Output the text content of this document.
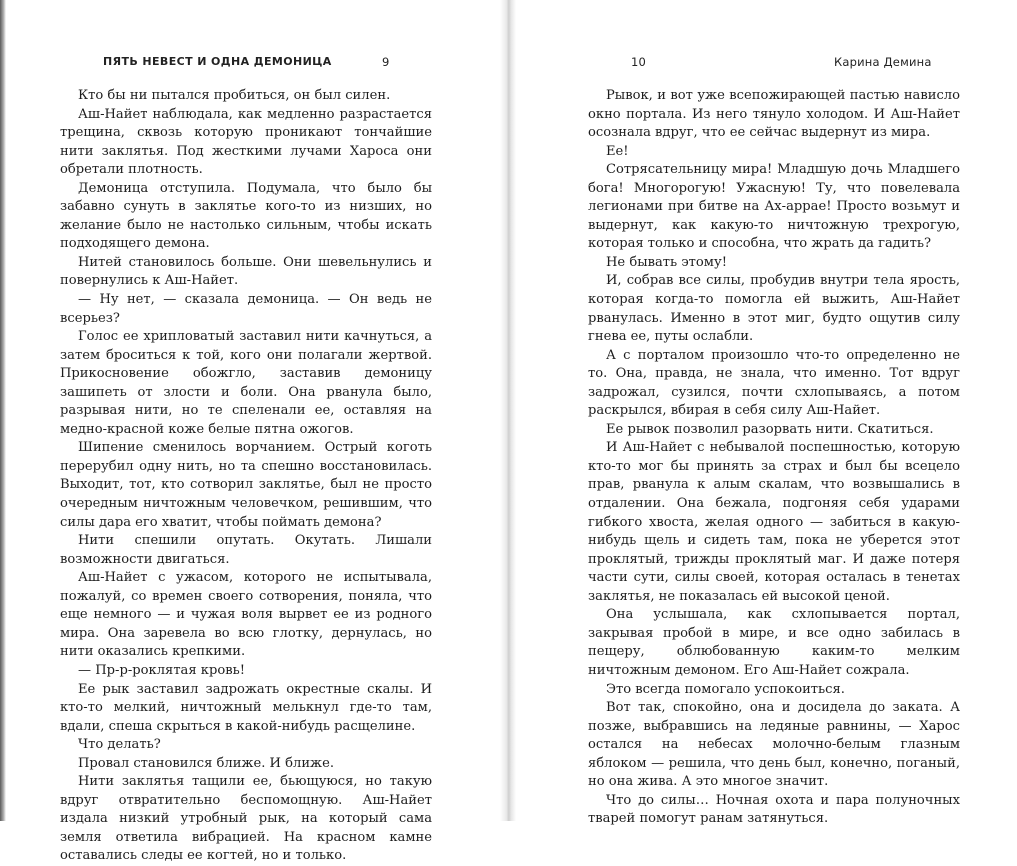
ПЯТЬ НЕВЕСТ И ОДНА ДЕМОНИЦА	9	10	Карина Демина

Кто бы ни пытался пробиться, он был силен.

Аш-Найет наблюдала, как медленно разрастается трещина, сквозь которую проникают тончайшие нити заклятья. Под жесткими лучами Хароса они обретали плотность.

Демоница отступила. Подумала, что было бы забавно сунуть в заклятье кого-то из низших, но желание было не настолько сильным, чтобы искать подходящего демона.

Нитей становилось больше. Они шевельнулись и повернулись к Аш-Найет.

— Ну нет, — сказала демоница. — Он ведь не всерьез?

Голос ее хрипловатый заставил нити качнуться, а затем броситься к той, кого они полагали жертвой. Прикосновение обожгло, заставив демоницу зашипеть от злости и боли. Она рванула было, разрывая нити, но те спеленали ее, оставляя на медно-красной коже белые пятна ожогов.

Шипение сменилось ворчанием. Острый коготь перерубил одну нить, но та спешно восстановилась. Выходит, тот, кто сотворил заклятье, был не просто очередным ничтожным человечком, решившим, что силы дара его хватит, чтобы поймать демона?

Нити спешили опутать. Окутать. Лишали возможности двигаться.

Аш-Найет с ужасом, которого не испытывала, пожалуй, со времен своего сотворения, поняла, что еще немного — и чужая воля вырвет ее из родного мира. Она заревела во всю глотку, дернулась, но нити оказались крепкими.

— Пр-р-роклятая кровь!

Ее рык заставил задрожать окрестные скалы. И кто-то мелкий, ничтожный мелькнул где-то там, вдали, спеша скрыться в какой-нибудь расщелине.

Что делать?

Провал становился ближе. И ближе.

Нити заклятья тащили ее, бьющуюся, но такую вдруг отвратительно беспомощную. Аш-Найет издала низкий утробный рык, на который сама земля ответила вибрацией. На красном камне оставались следы ее когтей, но и только.

Рывок, и вот уже всепожирающей пастью нависло окно портала. Из него тянуло холодом. И Аш-Найет осознала вдруг, что ее сейчас выдернут из мира.

Ее!

Сотрясательницу мира! Младшую дочь Младшего бога! Многорогую! Ужасную! Ту, что повелевала легионами при битве на Ах-арраe! Просто возьмут и выдернут, как какую-то ничтожную трехрогую, которая только и способна, что жрать да гадить?

Не бывать этому!

И, собрав все силы, пробудив внутри тела ярость, которая когда-то помогла ей выжить, Аш-Найет рванулась. Именно в этот миг, будто ощутив силу гнева ее, путы ослабли.

А с порталом произошло что-то определенно не то. Она, правда, не знала, что именно. Тот вдруг задрожал, сузился, почти схлопываясь, а потом раскрылся, вбирая в себя силу Аш-Найет.

Ее рывок позволил разорвать нити. Скатиться.

И Аш-Найет с небывалой поспешностью, которую кто-то мог бы принять за страх и был бы всецело прав, рванула к алым скалам, что возвышались в отдалении. Она бежала, подгоняя себя ударами гибкого хвоста, желая одного — забиться в какую-нибудь щель и сидеть там, пока не уберется этот проклятый, трижды проклятый маг. И даже потеря части сути, силы своей, которая осталась в тенетах заклятья, не показалась ей высокой ценой.

Она услышала, как схлопывается портал, закрывая пробой в мире, и все одно забилась в пещеру, облюбованную каким-то мелким ничтожным демоном. Его Аш-Найет сожрала.

Это всегда помогало успокоиться.

Вот так, спокойно, она и досидела до заката. А позже, выбравшись на ледяные равнины, — Харос остался на небесах молочно-белым глазным яблоком — решила, что день был, конечно, поганый, но она жива. А это многое значит.

Что до силы… Ночная охота и пара полуночных тварей помогут ранам затянуться.
